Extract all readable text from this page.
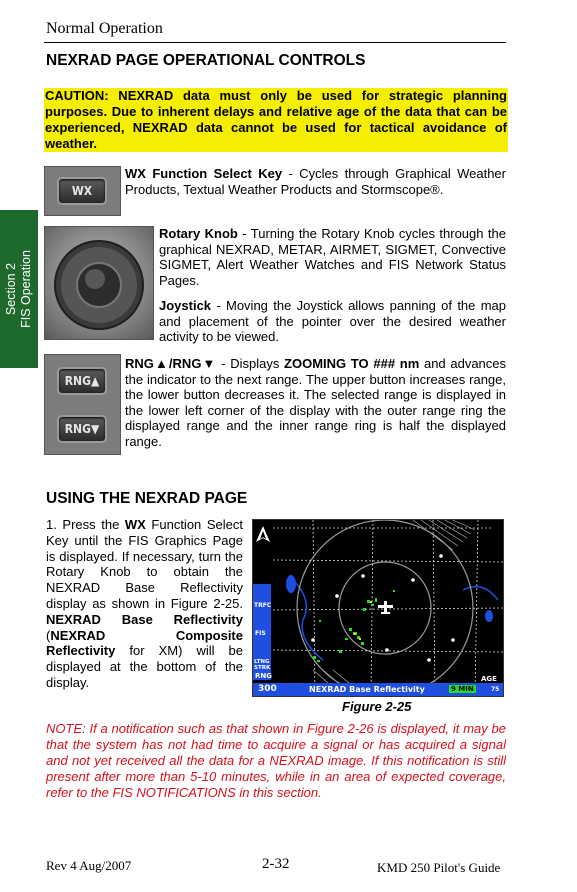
Normal Operation
NEXRAD PAGE OPERATIONAL CONTROLS
CAUTION: NEXRAD data must only be used for strategic planning purposes. Due to inherent delays and relative age of the data that can be experienced, NEXRAD data cannot be used for tactical avoidance of weather.
Section 2 FIS Operation
WX
WX Function Select Key - Cycles through Graphical Weather Products, Textual Weather Products and Stormscope®.
Rotary Knob - Turning the Rotary Knob cycles through the graphical NEXRAD, METAR, AIRMET, SIGMET, Convective SIGMET, Alert Weather Watches and FIS Network Status Pages.
Joystick - Moving the Joystick allows panning of the map and placement of the pointer over the desired weather activity to be viewed.
RNG▲
RNG▼
RNG▲/RNG▼ - Displays ZOOMING TO ### nm and advances the indicator to the next range. The upper button increases range, the lower button decreases it. The selected range is displayed in the lower left corner of the display with the outer range ring the displayed range and the inner range ring is half the displayed range.
USING THE NEXRAD PAGE
1. Press the WX Function Select Key until the FIS Graphics Page is displayed. If necessary, turn the Rotary Knob to obtain the NEXRAD Base Reflectivity display as shown in Figure 2-25. NEXRAD Base Reflectivity (NEXRAD Composite Reflectivity for XM) will be displayed at the bottom of the display.
TRFC
FIS
LTNG STRK
RNG
300	NEXRAD Base Reflectivity
AGE
9 MIN	75
Figure 2-25
NOTE: If a notification such as that shown in Figure 2-26 is displayed, it may be that the system has not had time to acquire a signal or has acquired a signal and not yet received all the data for a NEXRAD image. If this notification is still present after more than 5-10 minutes, while in an area of expected coverage, refer to the FIS NOTIFICATIONS in this section.
Rev 4 Aug/2007	2-32	KMD 250 Pilot's Guide
